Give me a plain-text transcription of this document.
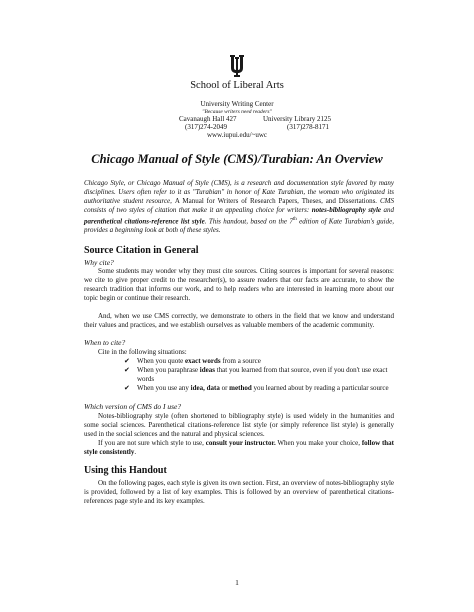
School of Liberal Arts
University Writing Center
"Because writers need readers"
Cavanaugh Hall 427	University Library 2125
(317)274-2049	(317)278-8171
www.iupui.edu/~uwc
Chicago Manual of Style (CMS)/Turabian: An Overview
Chicago Style, or Chicago Manual of Style (CMS), is a research and documentation style favored by many disciplines. Users often refer to it as "Turabian" in honor of Kate Turabian, the woman who originated its authoritative student resource, A Manual for Writers of Research Papers, Theses, and Dissertations. CMS consists of two styles of citation that make it an appealing choice for writers: notes-bibliography style and parenthetical citations-reference list style. This handout, based on the 7th edition of Kate Turabian's guide, provides a beginning look at both of these styles.
Source Citation in General
Why cite?
Some students may wonder why they must cite sources. Citing sources is important for several reasons: we cite to give proper credit to the researcher(s), to assure readers that our facts are accurate, to show the research tradition that informs our work, and to help readers who are interested in learning more about our topic begin or continue their research.
And, when we use CMS correctly, we demonstrate to others in the field that we know and understand their values and practices, and we establish ourselves as valuable members of the academic community.
When to cite?
Cite in the following situations:
✔ When you quote exact words from a source
✔ When you paraphrase ideas that you learned from that source, even if you don't use exact words
✔ When you use any idea, data or method you learned about by reading a particular source
Which version of CMS do I use?
Notes-bibliography style (often shortened to bibliography style) is used widely in the humanities and some social sciences. Parenthetical citations-reference list style (or simply reference list style) is generally used in the social sciences and the natural and physical sciences.
If you are not sure which style to use, consult your instructor. When you make your choice, follow that style consistently.
Using this Handout
On the following pages, each style is given its own section. First, an overview of notes-bibliography style is provided, followed by a list of key examples. This is followed by an overview of parenthetical citations-references page style and its key examples.
1
